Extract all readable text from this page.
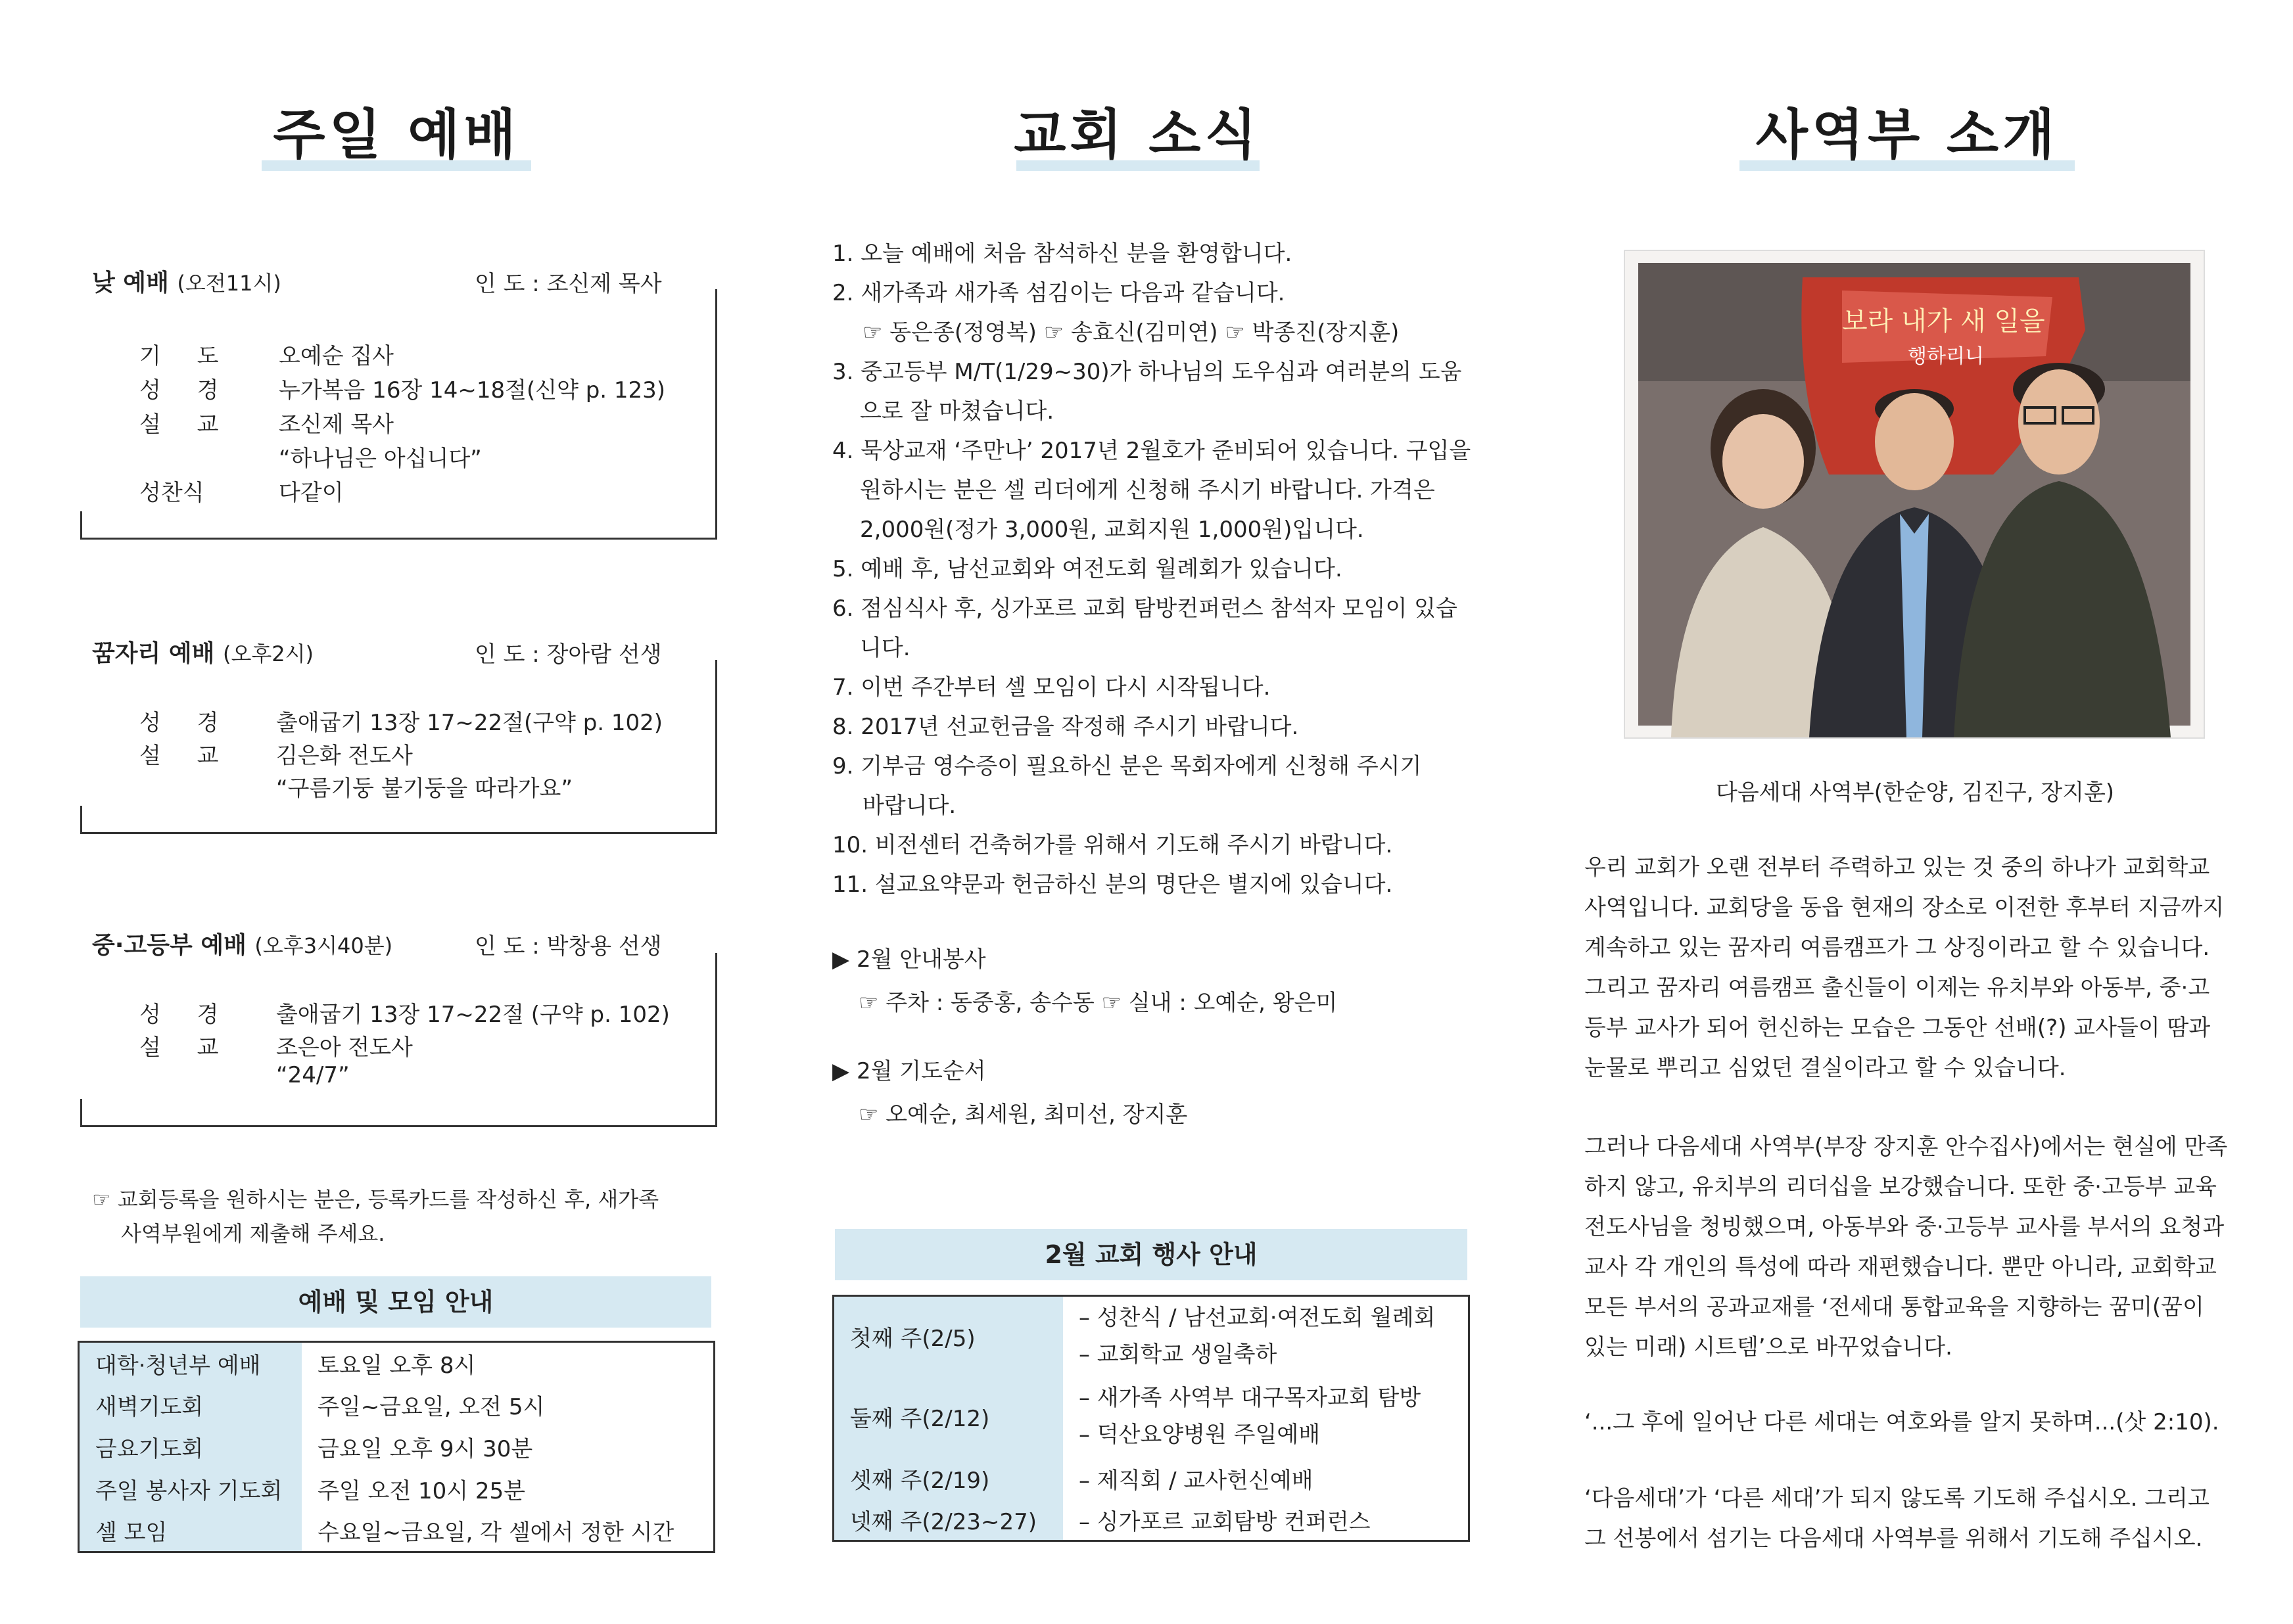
주일 예배
낮 예배 (오전11시)	인 도 : 조신제 목사
기 도 오예순 집사
성 경 누가복음 16장 14~18절(신약 p. 123)
설 교 조신제 목사
“하나님은 아십니다”
성찬식	다같이
꿈자리 예배 (오후2시)	인 도 : 장아람 선생
성 경 출애굽기 13장 17~22절(구약 p. 102)
설 교 김은화 전도사
“구름기둥 불기둥을 따라가요”
중·고등부 예배 (오후3시40분)	인 도 : 박창용 선생
성 경 출애굽기 13장 17~22절 (구약 p. 102)
설 교 조은아 전도사
“24/7”
☞ 교회등록을 원하시는 분은, 등록카드를 작성하신 후, 새가족
사역부원에게 제출해 주세요.
예배 및 모임 안내
대학·청년부 예배	토요일 오후 8시
새벽기도회	주일~금요일, 오전 5시
금요기도회	금요일 오후 9시 30분
주일 봉사자 기도회	주일 오전 10시 25분
셀 모임	수요일~금요일, 각 셀에서 정한 시간
교회 소식
1. 오늘 예배에 처음 참석하신 분을 환영합니다.
2. 새가족과 새가족 섬김이는 다음과 같습니다.
☞ 동은종(정영복) ☞ 송효신(김미연) ☞ 박종진(장지훈)
3. 중고등부 M/T(1/29~30)가 하나님의 도우심과 여러분의 도움
으로 잘 마쳤습니다.
4. 묵상교재 ‘주만나’ 2017년 2월호가 준비되어 있습니다. 구입을
원하시는 분은 셀 리더에게 신청해 주시기 바랍니다. 가격은
2,000원(정가 3,000원, 교회지원 1,000원)입니다.
5. 예배 후, 남선교회와 여전도회 월례회가 있습니다.
6. 점심식사 후, 싱가포르 교회 탐방컨퍼런스 참석자 모임이 있습
니다.
7. 이번 주간부터 셀 모임이 다시 시작됩니다.
8. 2017년 선교헌금을 작정해 주시기 바랍니다.
9. 기부금 영수증이 필요하신 분은 목회자에게 신청해 주시기
바랍니다.
10. 비전센터 건축허가를 위해서 기도해 주시기 바랍니다.
11. 설교요약문과 헌금하신 분의 명단은 별지에 있습니다.
▶ 2월 안내봉사
☞ 주차 : 동중홍, 송수동 ☞ 실내 : 오예순, 왕은미
▶ 2월 기도순서
☞ 오예순, 최세원, 최미선, 장지훈
2월 교회 행사 안내
첫째 주(2/5)	– 성찬식 / 남선교회·여전도회 월례회
– 교회학교 생일축하

둘째 주(2/12)	– 새가족 사역부 대구목자교회 탐방
– 덕산요양병원 주일예배

셋째 주(2/19)	– 제직회 / 교사헌신예배
넷째 주(2/23~27)	– 싱가포르 교회탐방 컨퍼런스
사역부 소개
보라 내가 새 일을
행하리니
다음세대 사역부(한순양, 김진구, 장지훈)
우리 교회가 오랜 전부터 주력하고 있는 것 중의 하나가 교회학교
사역입니다. 교회당을 동읍 현재의 장소로 이전한 후부터 지금까지
계속하고 있는 꿈자리 여름캠프가 그 상징이라고 할 수 있습니다.
그리고 꿈자리 여름캠프 출신들이 이제는 유치부와 아동부, 중·고
등부 교사가 되어 헌신하는 모습은 그동안 선배(?) 교사들이 땀과
눈물로 뿌리고 심었던 결실이라고 할 수 있습니다.
그러나 다음세대 사역부(부장 장지훈 안수집사)에서는 현실에 만족
하지 않고, 유치부의 리더십을 보강했습니다. 또한 중·고등부 교육
전도사님을 청빙했으며, 아동부와 중·고등부 교사를 부서의 요청과
교사 각 개인의 특성에 따라 재편했습니다. 뿐만 아니라, 교회학교
모든 부서의 공과교재를 ‘전세대 통합교육을 지향하는 꿈미(꿈이
있는 미래) 시트템’으로 바꾸었습니다.
‘...그 후에 일어난 다른 세대는 여호와를 알지 못하며...(삿 2:10).
‘다음세대’가 ‘다른 세대’가 되지 않도록 기도해 주십시오. 그리고
그 선봉에서 섬기는 다음세대 사역부를 위해서 기도해 주십시오.
